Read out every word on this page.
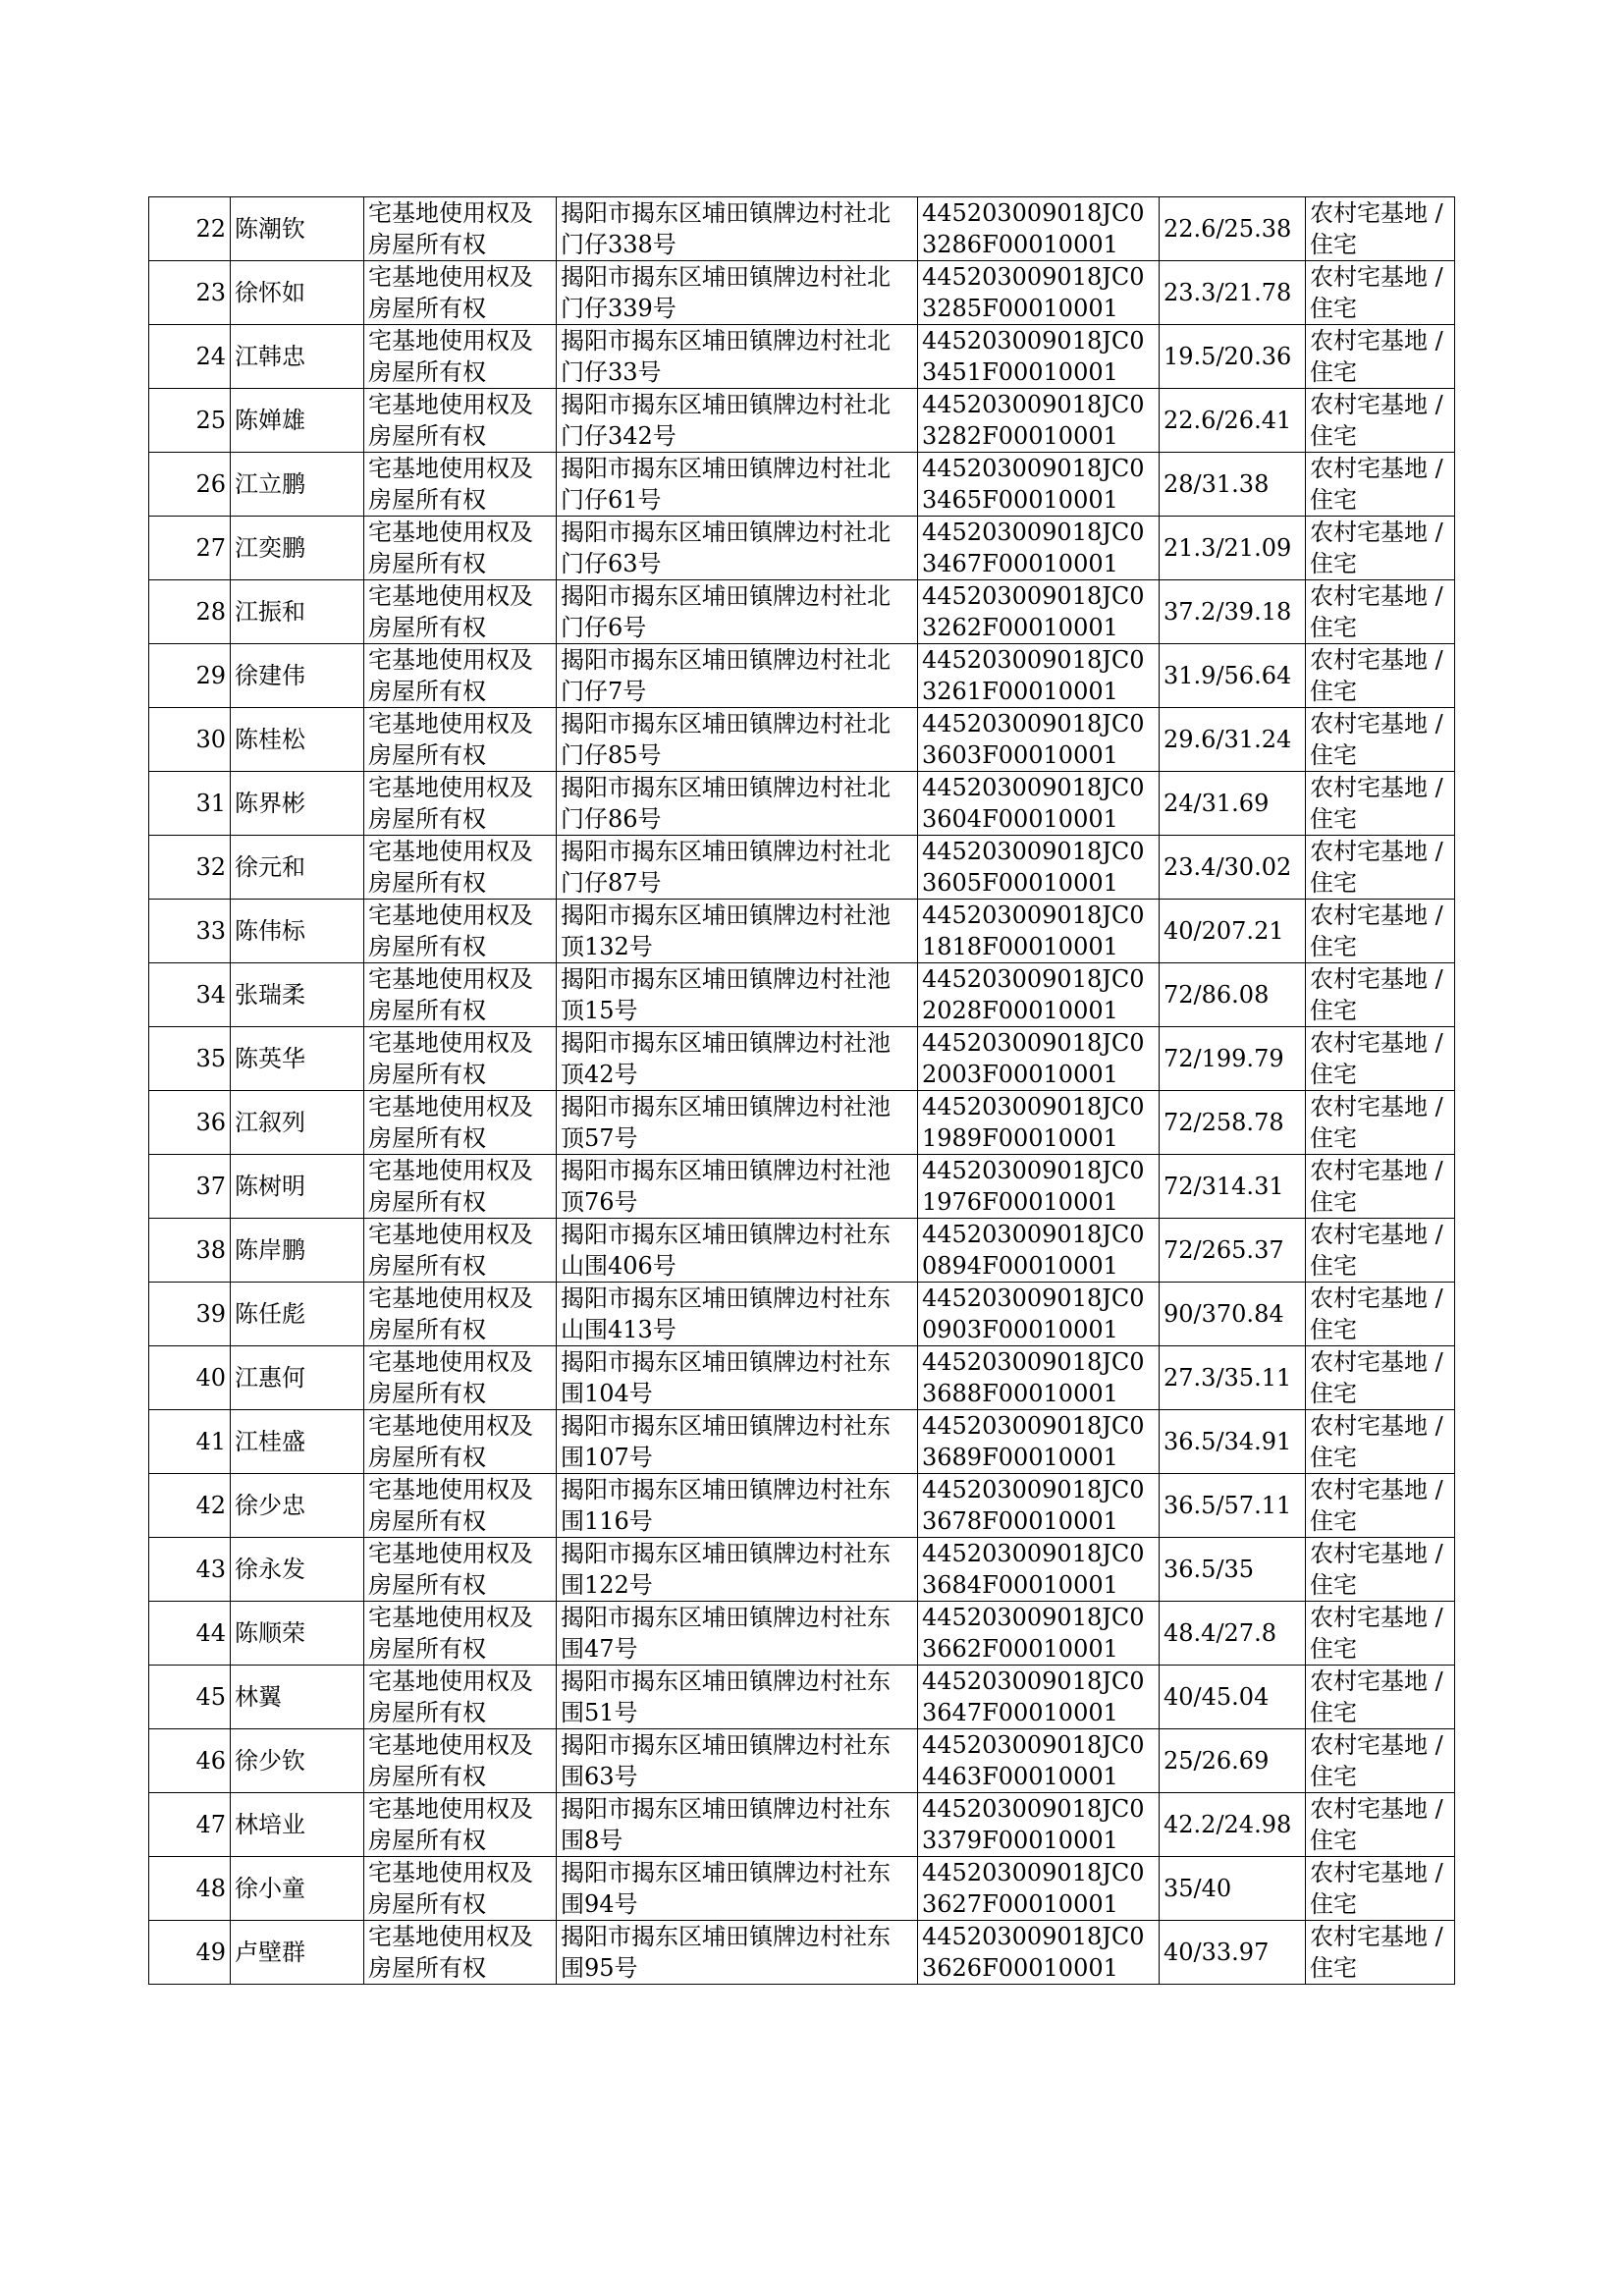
22	陈潮钦	宅基地使用权及房屋所有权	揭阳市揭东区埔田镇牌边村社北门仔338号	445203009018JC03286F00010001	22.6/25.38	农村宅基地 / 住宅
23	徐怀如	宅基地使用权及房屋所有权	揭阳市揭东区埔田镇牌边村社北门仔339号	445203009018JC03285F00010001	23.3/21.78	农村宅基地 / 住宅
24	江韩忠	宅基地使用权及房屋所有权	揭阳市揭东区埔田镇牌边村社北门仔33号	445203009018JC03451F00010001	19.5/20.36	农村宅基地 / 住宅
25	陈婵雄	宅基地使用权及房屋所有权	揭阳市揭东区埔田镇牌边村社北门仔342号	445203009018JC03282F00010001	22.6/26.41	农村宅基地 / 住宅
26	江立鹏	宅基地使用权及房屋所有权	揭阳市揭东区埔田镇牌边村社北门仔61号	445203009018JC03465F00010001	28/31.38	农村宅基地 / 住宅
27	江奕鹏	宅基地使用权及房屋所有权	揭阳市揭东区埔田镇牌边村社北门仔63号	445203009018JC03467F00010001	21.3/21.09	农村宅基地 / 住宅
28	江振和	宅基地使用权及房屋所有权	揭阳市揭东区埔田镇牌边村社北门仔6号	445203009018JC03262F00010001	37.2/39.18	农村宅基地 / 住宅
29	徐建伟	宅基地使用权及房屋所有权	揭阳市揭东区埔田镇牌边村社北门仔7号	445203009018JC03261F00010001	31.9/56.64	农村宅基地 / 住宅
30	陈桂松	宅基地使用权及房屋所有权	揭阳市揭东区埔田镇牌边村社北门仔85号	445203009018JC03603F00010001	29.6/31.24	农村宅基地 / 住宅
31	陈界彬	宅基地使用权及房屋所有权	揭阳市揭东区埔田镇牌边村社北门仔86号	445203009018JC03604F00010001	24/31.69	农村宅基地 / 住宅
32	徐元和	宅基地使用权及房屋所有权	揭阳市揭东区埔田镇牌边村社北门仔87号	445203009018JC03605F00010001	23.4/30.02	农村宅基地 / 住宅
33	陈伟标	宅基地使用权及房屋所有权	揭阳市揭东区埔田镇牌边村社池顶132号	445203009018JC01818F00010001	40/207.21	农村宅基地 / 住宅
34	张瑞柔	宅基地使用权及房屋所有权	揭阳市揭东区埔田镇牌边村社池顶15号	445203009018JC02028F00010001	72/86.08	农村宅基地 / 住宅
35	陈英华	宅基地使用权及房屋所有权	揭阳市揭东区埔田镇牌边村社池顶42号	445203009018JC02003F00010001	72/199.79	农村宅基地 / 住宅
36	江叙列	宅基地使用权及房屋所有权	揭阳市揭东区埔田镇牌边村社池顶57号	445203009018JC01989F00010001	72/258.78	农村宅基地 / 住宅
37	陈树明	宅基地使用权及房屋所有权	揭阳市揭东区埔田镇牌边村社池顶76号	445203009018JC01976F00010001	72/314.31	农村宅基地 / 住宅
38	陈岸鹏	宅基地使用权及房屋所有权	揭阳市揭东区埔田镇牌边村社东山围406号	445203009018JC00894F00010001	72/265.37	农村宅基地 / 住宅
39	陈任彪	宅基地使用权及房屋所有权	揭阳市揭东区埔田镇牌边村社东山围413号	445203009018JC00903F00010001	90/370.84	农村宅基地 / 住宅
40	江惠何	宅基地使用权及房屋所有权	揭阳市揭东区埔田镇牌边村社东围104号	445203009018JC03688F00010001	27.3/35.11	农村宅基地 / 住宅
41	江桂盛	宅基地使用权及房屋所有权	揭阳市揭东区埔田镇牌边村社东围107号	445203009018JC03689F00010001	36.5/34.91	农村宅基地 / 住宅
42	徐少忠	宅基地使用权及房屋所有权	揭阳市揭东区埔田镇牌边村社东围116号	445203009018JC03678F00010001	36.5/57.11	农村宅基地 / 住宅
43	徐永发	宅基地使用权及房屋所有权	揭阳市揭东区埔田镇牌边村社东围122号	445203009018JC03684F00010001	36.5/35	农村宅基地 / 住宅
44	陈顺荣	宅基地使用权及房屋所有权	揭阳市揭东区埔田镇牌边村社东围47号	445203009018JC03662F00010001	48.4/27.8	农村宅基地 / 住宅
45	林翼	宅基地使用权及房屋所有权	揭阳市揭东区埔田镇牌边村社东围51号	445203009018JC03647F00010001	40/45.04	农村宅基地 / 住宅
46	徐少钦	宅基地使用权及房屋所有权	揭阳市揭东区埔田镇牌边村社东围63号	445203009018JC04463F00010001	25/26.69	农村宅基地 / 住宅
47	林培业	宅基地使用权及房屋所有权	揭阳市揭东区埔田镇牌边村社东围8号	445203009018JC03379F00010001	42.2/24.98	农村宅基地 / 住宅
48	徐小童	宅基地使用权及房屋所有权	揭阳市揭东区埔田镇牌边村社东围94号	445203009018JC03627F00010001	35/40	农村宅基地 / 住宅
49	卢壁群	宅基地使用权及房屋所有权	揭阳市揭东区埔田镇牌边村社东围95号	445203009018JC03626F00010001	40/33.97	农村宅基地 / 住宅
